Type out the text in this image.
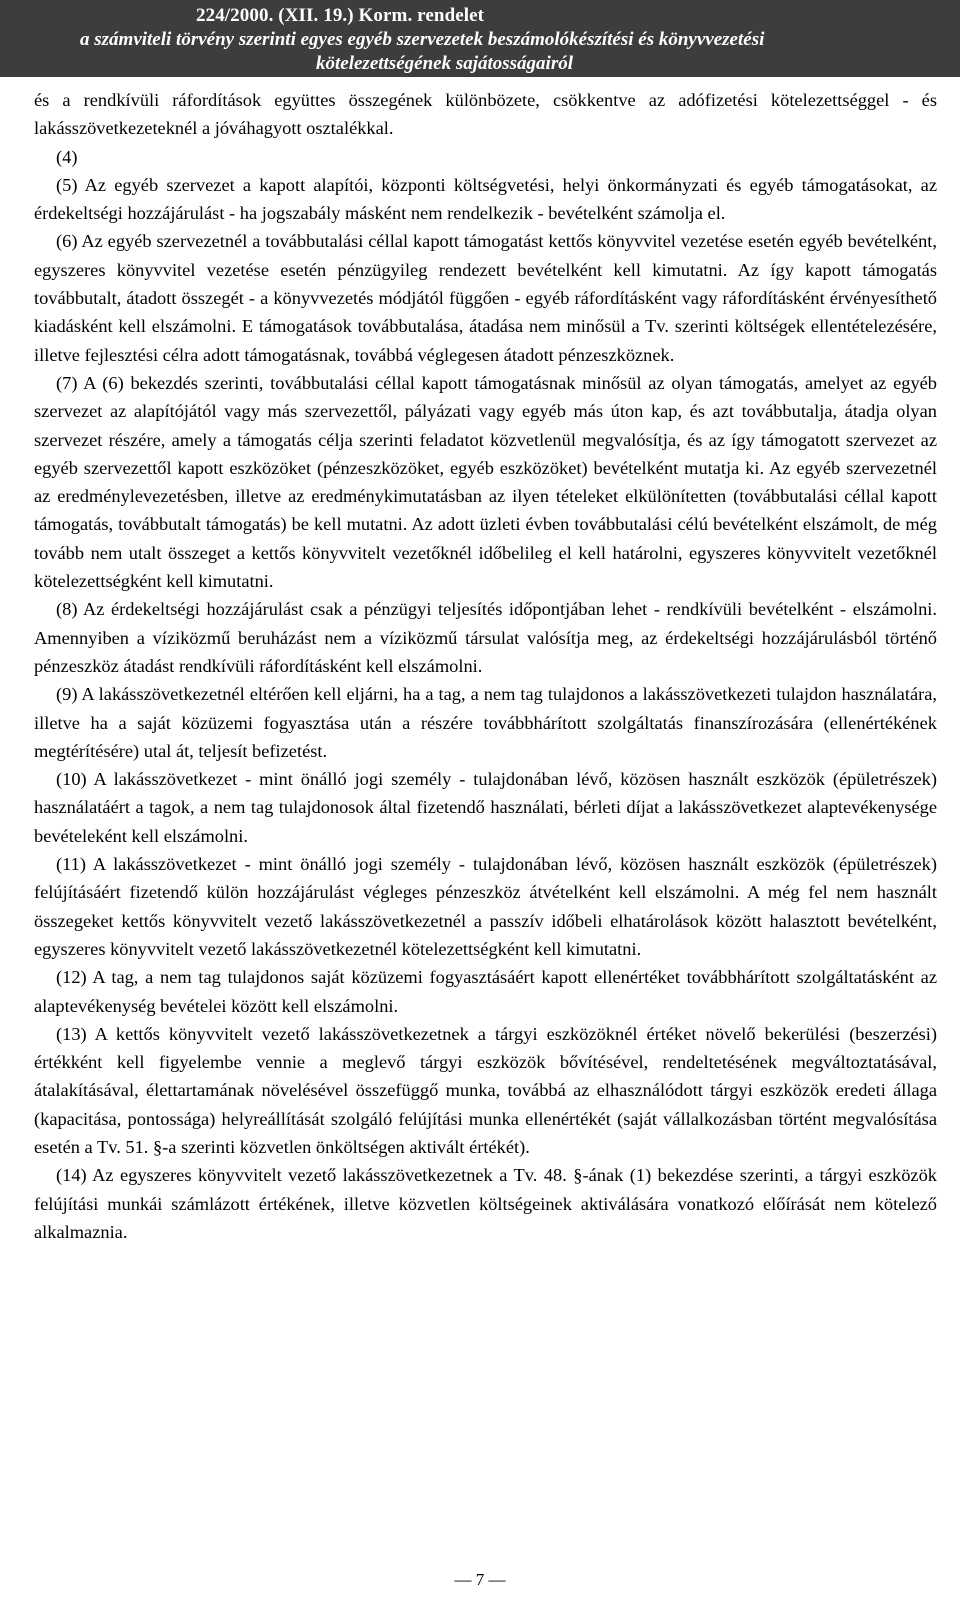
224/2000. (XII. 19.) Korm. rendelet
a számviteli törvény szerinti egyes egyéb szervezetek beszámolókészítési és könyvvezetési
kötelezettségének sajátosságairól

és a rendkívüli ráfordítások együttes összegének különbözete, csökkentve az adófizetési kötelezettséggel - és lakásszövetkezeteknél a jóváhagyott osztalékkal.

(4)

(5) Az egyéb szervezet a kapott alapítói, központi költségvetési, helyi önkormányzati és egyéb támogatásokat, az érdekeltségi hozzájárulást - ha jogszabály másként nem rendelkezik - bevételként számolja el.

(6) Az egyéb szervezetnél a továbbutalási céllal kapott támogatást kettős könyvvitel vezetése esetén egyéb bevételként, egyszeres könyvvitel vezetése esetén pénzügyileg rendezett bevételként kell kimutatni. Az így kapott támogatás továbbutalt, átadott összegét - a könyvvezetés módjától függően - egyéb ráfordításként vagy ráfordításként érvényesíthető kiadásként kell elszámolni. E támogatások továbbutalása, átadása nem minősül a Tv. szerinti költségek ellentételezésére, illetve fejlesztési célra adott támogatásnak, továbbá véglegesen átadott pénzeszköznek.

(7) A (6) bekezdés szerinti, továbbutalási céllal kapott támogatásnak minősül az olyan támogatás, amelyet az egyéb szervezet az alapítójától vagy más szervezettől, pályázati vagy egyéb más úton kap, és azt továbbutalja, átadja olyan szervezet részére, amely a támogatás célja szerinti feladatot közvetlenül megvalósítja, és az így támogatott szervezet az egyéb szervezettől kapott eszközöket (pénzeszközöket, egyéb eszközöket) bevételként mutatja ki. Az egyéb szervezetnél az eredménylevezetésben, illetve az eredménykimutatásban az ilyen tételeket elkülönítetten (továbbutalási céllal kapott támogatás, továbbutalt támogatás) be kell mutatni. Az adott üzleti évben továbbutalási célú bevételként elszámolt, de még tovább nem utalt összeget a kettős könyvvitelt vezetőknél időbelileg el kell határolni, egyszeres könyvvitelt vezetőknél kötelezettségként kell kimutatni.

(8) Az érdekeltségi hozzájárulást csak a pénzügyi teljesítés időpontjában lehet - rendkívüli bevételként - elszámolni. Amennyiben a víziközmű beruházást nem a víziközmű társulat valósítja meg, az érdekeltségi hozzájárulásból történő pénzeszköz átadást rendkívüli ráfordításként kell elszámolni.

(9) A lakásszövetkezetnél eltérően kell eljárni, ha a tag, a nem tag tulajdonos a lakásszövetkezeti tulajdon használatára, illetve ha a saját közüzemi fogyasztása után a részére továbbhárított szolgáltatás finanszírozására (ellenértékének megtérítésére) utal át, teljesít befizetést.

(10) A lakásszövetkezet - mint önálló jogi személy - tulajdonában lévő, közösen használt eszközök (épületrészek) használatáért a tagok, a nem tag tulajdonosok által fizetendő használati, bérleti díjat a lakásszövetkezet alaptevékenysége bevételeként kell elszámolni.

(11) A lakásszövetkezet - mint önálló jogi személy - tulajdonában lévő, közösen használt eszközök (épületrészek) felújításáért fizetendő külön hozzájárulást végleges pénzeszköz átvételként kell elszámolni. A még fel nem használt összegeket kettős könyvvitelt vezető lakásszövetkezetnél a passzív időbeli elhatárolások között halasztott bevételként, egyszeres könyvvitelt vezető lakásszövetkezetnél kötelezettségként kell kimutatni.

(12) A tag, a nem tag tulajdonos saját közüzemi fogyasztásáért kapott ellenértéket továbbhárított szolgáltatásként az alaptevékenység bevételei között kell elszámolni.

(13) A kettős könyvvitelt vezető lakásszövetkezetnek a tárgyi eszközöknél értéket növelő bekerülési (beszerzési) értékként kell figyelembe vennie a meglevő tárgyi eszközök bővítésével, rendeltetésének megváltoztatásával, átalakításával, élettartamának növelésével összefüggő munka, továbbá az elhasználódott tárgyi eszközök eredeti állaga (kapacitása, pontossága) helyreállítását szolgáló felújítási munka ellenértékét (saját vállalkozásban történt megvalósítása esetén a Tv. 51. §-a szerinti közvetlen önköltségen aktivált értékét).

(14) Az egyszeres könyvvitelt vezető lakásszövetkezetnek a Tv. 48. §-ának (1) bekezdése szerinti, a tárgyi eszközök felújítási munkái számlázott értékének, illetve közvetlen költségeinek aktiválására vonatkozó előírását nem kötelező alkalmaznia.

— 7 —
